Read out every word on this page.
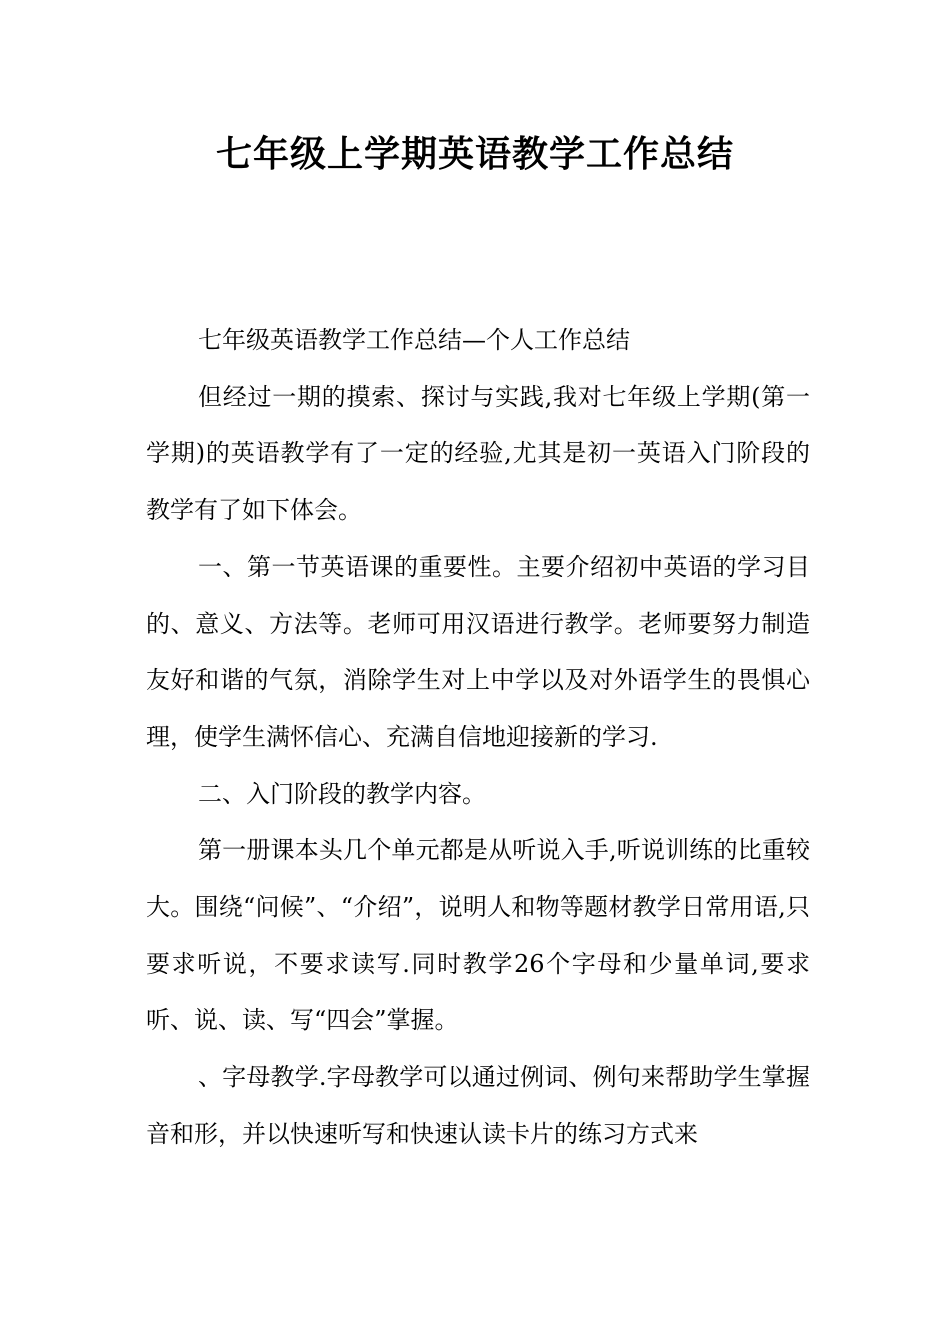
七年级上学期英语教学工作总结

七年级英语教学工作总结—个人工作总结

但经过一期的摸索、探讨与实践,我对七年级上学期(第一学期)的英语教学有了一定的经验,尤其是初一英语入门阶段的教学有了如下体会。

一、第一节英语课的重要性。主要介绍初中英语的学习目的、意义、方法等。老师可用汉语进行教学。老师要努力制造友好和谐的气氛，消除学生对上中学以及对外语学生的畏惧心理，使学生满怀信心、充满自信地迎接新的学习.

二、入门阶段的教学内容。

第一册课本头几个单元都是从听说入手,听说训练的比重较大。围绕“问候”、“介绍”，说明人和物等题材教学日常用语,只要求听说，不要求读写.同时教学26个字母和少量单词,要求听、说、读、写“四会”掌握。

、字母教学.字母教学可以通过例词、例句来帮助学生掌握音和形，并以快速听写和快速认读卡片的练习方式来
